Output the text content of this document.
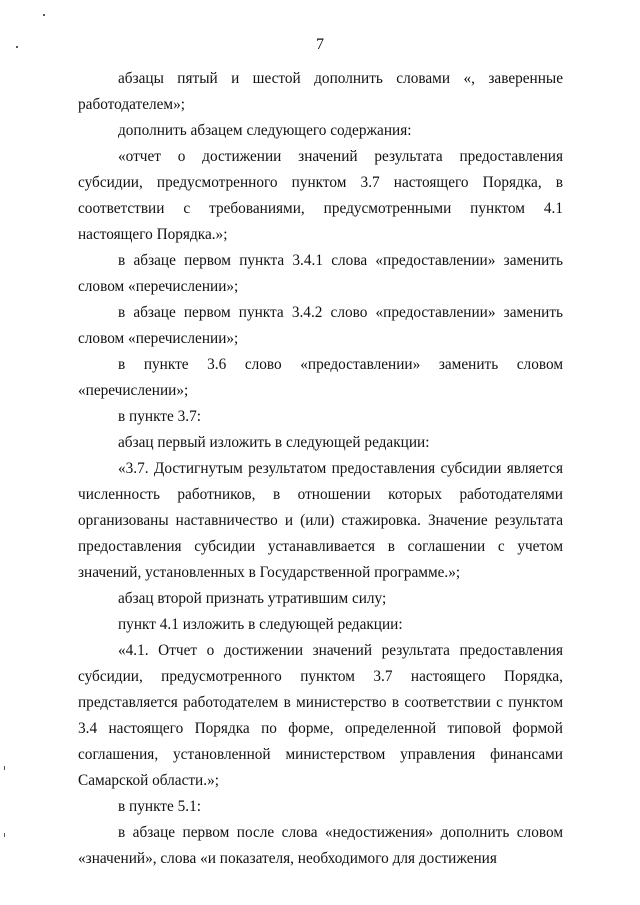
7

абзацы пятый и шестой дополнить словами «, заверенные работодателем»;

дополнить абзацем следующего содержания:

«отчет о достижении значений результата предоставления субсидии, предусмотренного пунктом 3.7 настоящего Порядка, в соответствии с требованиями, предусмотренными пунктом 4.1 настоящего Порядка.»;

в абзаце первом пункта 3.4.1 слова «предоставлении» заменить словом «перечислении»;

в абзаце первом пункта 3.4.2 слово «предоставлении» заменить словом «перечислении»;

в пункте 3.6 слово «предоставлении» заменить словом «перечислении»;

в пункте 3.7:

абзац первый изложить в следующей редакции:

«3.7. Достигнутым результатом предоставления субсидии является численность работников, в отношении которых работодателями организованы наставничество и (или) стажировка. Значение результата предоставления субсидии устанавливается в соглашении с учетом значений, установленных в Государственной программе.»;

абзац второй признать утратившим силу;

пункт 4.1 изложить в следующей редакции:

«4.1. Отчет о достижении значений результата предоставления субсидии, предусмотренного пунктом 3.7 настоящего Порядка, представляется работодателем в министерство в соответствии с пунктом 3.4 настоящего Порядка по форме, определенной типовой формой соглашения, установленной министерством управления финансами Самарской области.»;

в пункте 5.1:

в абзаце первом после слова «недостижения» дополнить словом «значений», слова «и показателя, необходимого для достижения
